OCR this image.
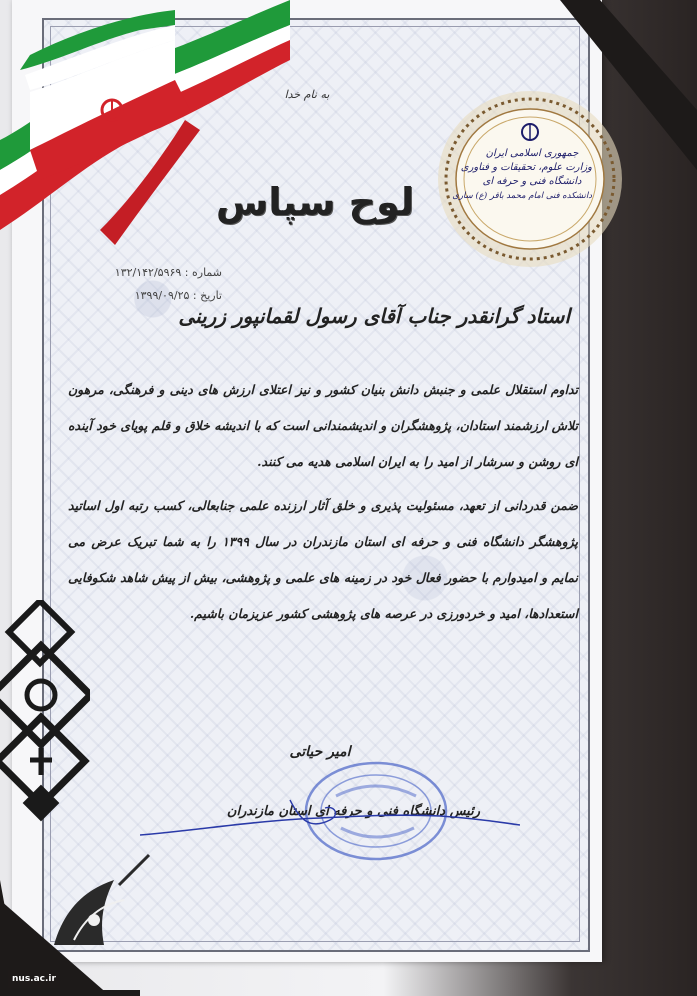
جمهوری اسلامی ایران
وزارت علوم، تحقیقات و فناوری
دانشگاه فنی و حرفه ای
دانشکده فنی امام محمد باقر (ع) ساری
به نام خدا
لوح سپاس
شماره : ۱۳۲/۱۴۲/۵۹۶۹
تاریخ : ۱۳۹۹/۰۹/۲۵
استاد گرانقدر جناب آقای رسول لقمانپور زرینی

تداوم استقلال علمی و جنبش دانش بنیان کشور و نیز اعتلای ارزش های دینی و فرهنگی، مرهون تلاش ارزشمند استادان، پژوهشگران و اندیشمندانی است که با اندیشه خلاق و قلم پویای خود آینده ای روشن و سرشار از امید را به ایران اسلامی هدیه می کنند.

ضمن قدردانی از تعهد، مسئولیت پذیری و خلق آثار ارزنده علمی جنابعالی، کسب رتبه اول اساتید پژوهشگر دانشگاه فنی و حرفه ای استان مازندران در سال ۱۳۹۹ را به شما تبریک عرض می نمایم و امیدوارم با حضور فعال خود در زمینه های علمی و پژوهشی، بیش از پیش شاهد شکوفایی استعدادها، امید و خردورزی در عرصه های پژوهشی کشور عزیزمان باشیم.

امیر حیاتی
رئیس دانشگاه فنی و حرفه ای استان مازندران
nus.ac.ir
